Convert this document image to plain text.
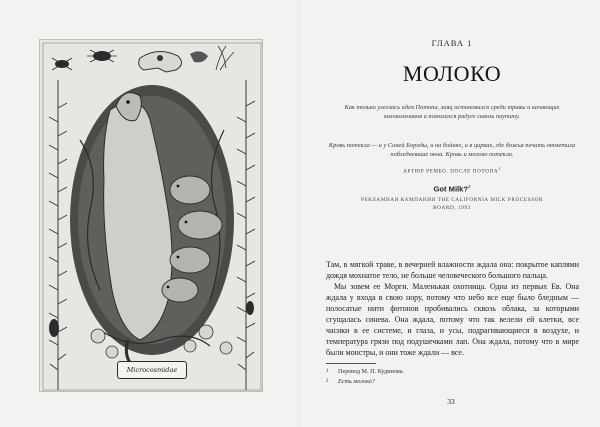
Microcosmidae
ГЛАВА 1
МОЛОКО
Как только улеглась идея Потопа, заяц остановился среди травы и качающих колокольчиков и помолился радуге сквозь паутину.
Кровь потекла — и у Синей Бороды, и на бойнях, и в цирках, где божья печать отметила побледневшие окна. Кровь и молоко потекли.
АРТЮР РЕМБО. ПОСЛЕ ПОТОПА$^1$
Got Milk?$^2$
РЕКЛАМНАЯ КАМПАНИЯ THE CALIFORNIA MILK PROCESSOR BOARD, 1993

Там, в мягкой траве, в вечерней влажности ждала она: покрытое каплями дождя мохнатое тело, не больше человеческого большого пальца.

Мы зовем ее Морги. Маленькая охотница. Одна из первых Ев. Она ждала у входа в свою нору, потому что небо все еще было бледным — полосатые нити фотонов пробивались сквозь облака, за которыми сгущалась синева. Она ждала, потому что так велели ей клетки, все часики в ее системе, и глаза, и усы, подрагивающиеся в воздухе, и температура грязи под подушечками лап. Она ждала, потому что в мире были монстры, и они тоже ждали — все.

1 Перевод М. П. Кудинова.
2 Есть молоко?
33
